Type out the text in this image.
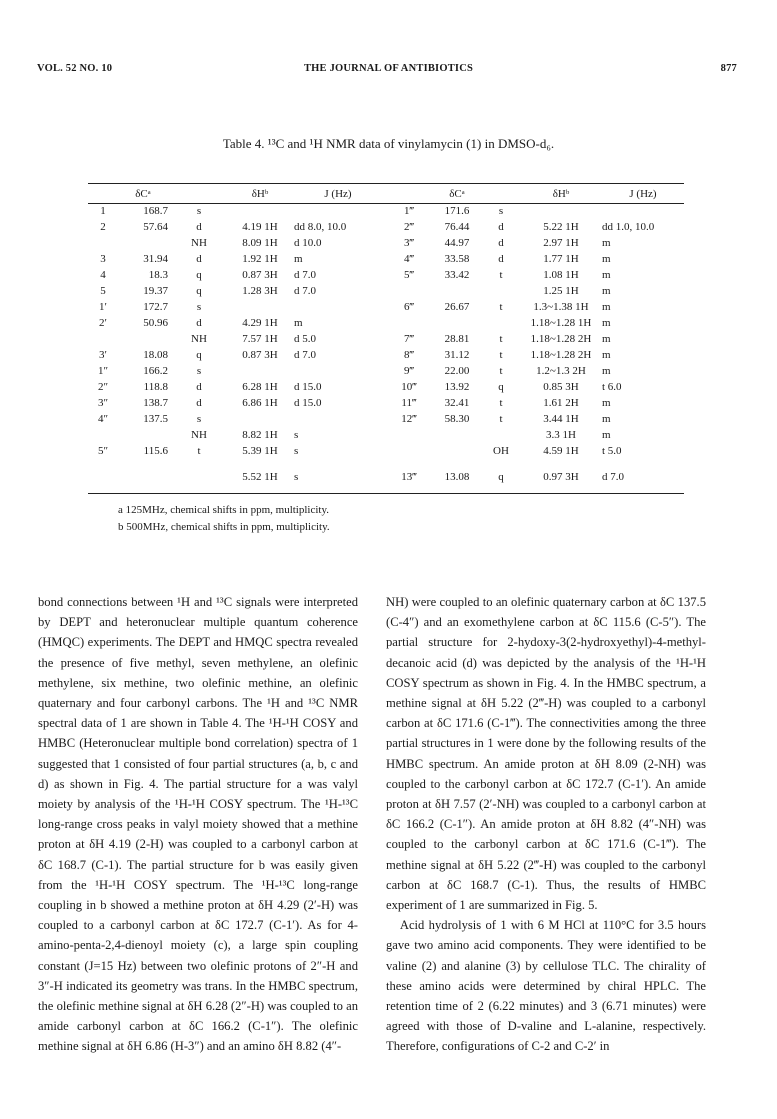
VOL. 52 NO. 10	THE JOURNAL OF ANTIBIOTICS	877
Table 4. ¹³C and ¹H NMR data of vinylamycin (1) in DMSO-d₆.
	δCᵃ		δHᵇ	J (Hz)		δCᵃ		δHᵇ	J (Hz)
1	168.7	s			1‴	171.6	s		
2	57.64	d	4.19 1H	dd 8.0, 10.0	2‴	76.44	d	5.22 1H	dd 1.0, 10.0
		NH	8.09 1H	d 10.0	3‴	44.97	d	2.97 1H	m
3	31.94	d	1.92 1H	m	4‴	33.58	d	1.77 1H	m
4	18.3	q	0.87 3H	d 7.0	5‴	33.42	t	1.08 1H	m
5	19.37	q	1.28 3H	d 7.0				1.25 1H	m
1′	172.7	s			6‴	26.67	t	1.3~1.38 1H	m
2′	50.96	d	4.29 1H	m				1.18~1.28 1H	m
		NH	7.57 1H	d 5.0	7‴	28.81	t	1.18~1.28 2H	m
3′	18.08	q	0.87 3H	d 7.0	8‴	31.12	t	1.18~1.28 2H	m
1″	166.2	s			9‴	22.00	t	1.2~1.3 2H	m
2″	118.8	d	6.28 1H	d 15.0	10‴	13.92	q	0.85 3H	t 6.0
3″	138.7	d	6.86 1H	d 15.0	11‴	32.41	t	1.61 2H	m
4″	137.5	s			12‴	58.30	t	3.44 1H	m
		NH	8.82 1H	s				3.3 1H	m
5″	115.6	t	5.39 1H	s			OH	4.59 1H	t 5.0
			5.52 1H	s	13‴	13.08	q	0.97 3H	d 7.0
a 125MHz, chemical shifts in ppm, multiplicity.
b 500MHz, chemical shifts in ppm, multiplicity.

bond connections between ¹H and ¹³C signals were interpreted by DEPT and heteronuclear multiple quantum coherence (HMQC) experiments. The DEPT and HMQC spectra revealed the presence of five methyl, seven methylene, an olefinic methylene, six methine, two olefinic methine, an olefinic quaternary and four carbonyl carbons. The ¹H and ¹³C NMR spectral data of 1 are shown in Table 4. The ¹H-¹H COSY and HMBC (Heteronuclear multiple bond correlation) spectra of 1 suggested that 1 consisted of four partial structures (a, b, c and d) as shown in Fig. 4. The partial structure for a was valyl moiety by analysis of the ¹H-¹H COSY spectrum. The ¹H-¹³C long-range cross peaks in valyl moiety showed that a methine proton at δH 4.19 (2-H) was coupled to a carbonyl carbon at δC 168.7 (C-1). The partial structure for b was easily given from the ¹H-¹H COSY spectrum. The ¹H-¹³C long-range coupling in b showed a methine proton at δH 4.29 (2′-H) was coupled to a carbonyl carbon at δC 172.7 (C-1′). As for 4-amino-penta-2,4-dienoyl moiety (c), a large spin coupling constant (J=15 Hz) between two olefinic protons of 2″-H and 3″-H indicated its geometry was trans. In the HMBC spectrum, the olefinic methine signal at δH 6.28 (2″-H) was coupled to an amide carbonyl carbon at δC 166.2 (C-1″). The olefinic methine signal at δH 6.86 (H-3″) and an amino δH 8.82 (4″-

NH) were coupled to an olefinic quaternary carbon at δC 137.5 (C-4″) and an exomethylene carbon at δC 115.6 (C-5″). The partial structure for 2-hydoxy-3(2-hydroxyethyl)-4-methyl-decanoic acid (d) was depicted by the analysis of the ¹H-¹H COSY spectrum as shown in Fig. 4. In the HMBC spectrum, a methine signal at δH 5.22 (2‴-H) was coupled to a carbonyl carbon at δC 171.6 (C-1‴). The connectivities among the three partial structures in 1 were done by the following results of the HMBC spectrum. An amide proton at δH 8.09 (2-NH) was coupled to the carbonyl carbon at δC 172.7 (C-1′). An amide proton at δH 7.57 (2′-NH) was coupled to a carbonyl carbon at δC 166.2 (C-1″). An amide proton at δH 8.82 (4″-NH) was coupled to the carbonyl carbon at δC 171.6 (C-1‴). The methine signal at δH 5.22 (2‴-H) was coupled to the carbonyl carbon at δC 168.7 (C-1). Thus, the results of HMBC experiment of 1 are summarized in Fig. 5.

Acid hydrolysis of 1 with 6 M HCl at 110°C for 3.5 hours gave two amino acid components. They were identified to be valine (2) and alanine (3) by cellulose TLC. The chirality of these amino acids were determined by chiral HPLC. The retention time of 2 (6.22 minutes) and 3 (6.71 minutes) were agreed with those of D-valine and L-alanine, respectively. Therefore, configurations of C-2 and C-2′ in
